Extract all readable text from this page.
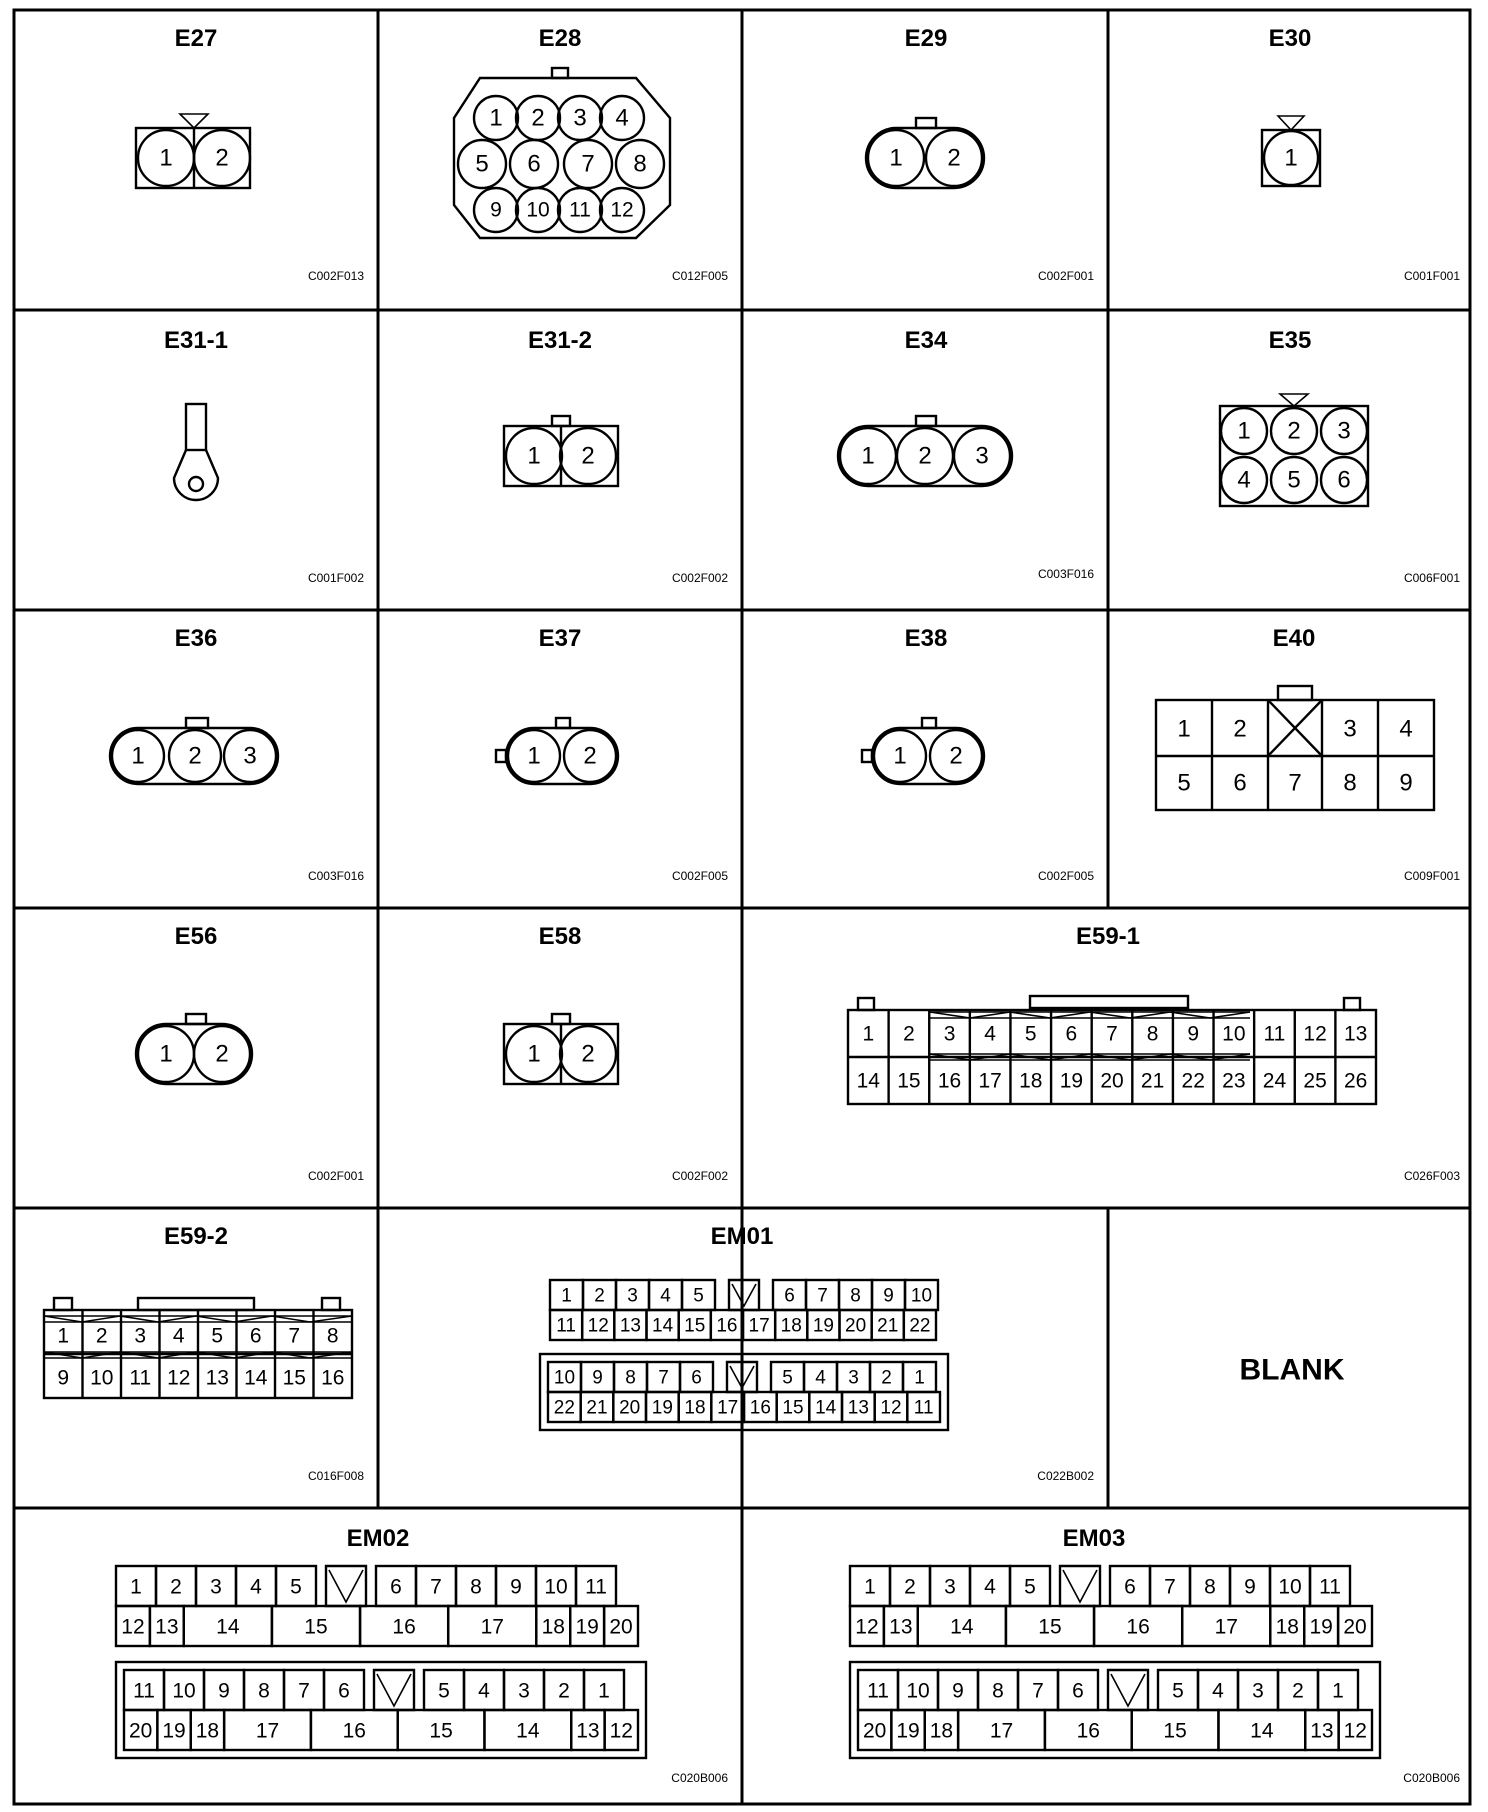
E27
1 2
C002F013
E28
1 2 3 4
5 6 7 8
9 10 11 12
C012F005
E29
1 2
C002F001
E30
1
C001F001
E31-1
C001F002
E31-2
1 2
C002F002
E34
1 2 3
C003F016
E35
1 2 3
4 5 6
C006F001
E36
1 2 3
C003F016
E37
1 2
C002F005
E38
1 2
C002F005
E40
1 2	3 4
5 6 7 8 9
C009F001
E56
1 2
C002F001
E58
1 2
C002F002
E59-1
1 2 3 4 5 6 7 8 9 10 11 12 13
14 15 16 17 18 19 20 21 22 23 24 25 26
C026F003
E59-2
1 2 3 4 5 6 7 8
9 10 11 12 13 14 15 16
C016F008
EM01
1 2 3 4 5	6 7 8 9 10
11 12 13 14 15 16 17 18 19 20 21 22
10 9 8 7 6	5 4 3 2 1
22 21 20 19 18 17 16 15 14 13 12 11
C022B002
BLANK
EM02
1 2 3 4 5	6 7 8 9 10 11
12 13 14	15	16	17 18 19 20
11 10 9 8 7 6	5 4 3 2 1
20 19 18 17	16	15	14 13 12
C020B006
EM03
1 2 3 4 5	6 7 8 9 10 11
12 13 14	15	16	17 18 19 20
11 10 9 8 7 6	5 4 3 2 1
20 19 18 17	16	15	14 13 12
C020B006
